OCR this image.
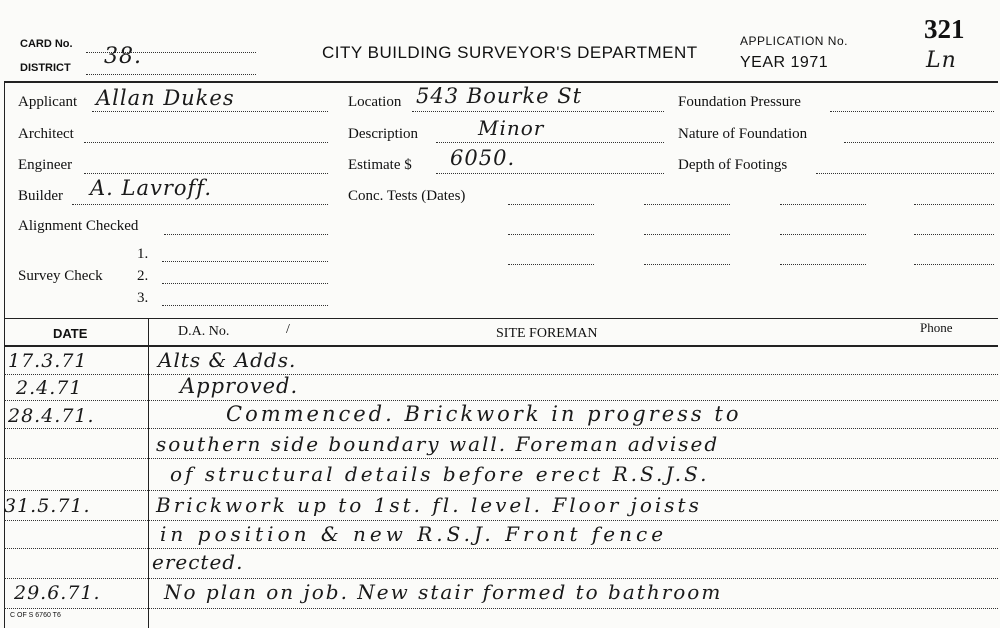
CARD No.
DISTRICT 38.	CITY BUILDING SURVEYOR'S DEPARTMENT
APPLICATION No.
YEAR 1971
321
Ln
Applicant Allan Dukes
Architect
Engineer
Builder A. Lavroff.
Alignment Checked
Survey Check
1.
2.
3.
Location 543 Bourke St
Description	Minor
Estimate $ 6050.
Conc. Tests (Dates)
Foundation Pressure
Nature of Foundation
Depth of Footings
DATE	D.A. No.	/	SITE FOREMAN	Phone
17.3.71	Alts & Adds.
2.4.71	Approved.
28.4.71.	Commenced. Brickwork in progress to
southern side boundary wall. Foreman advised
of structural details before erect R.S.J.S.
31.5.71.	Brickwork up to 1st. fl. level. Floor joists
in position & new R.S.J. Front fence
erected.
29.6.71.	No plan on job. New stair formed to bathroom
C OF S 6760 T6
